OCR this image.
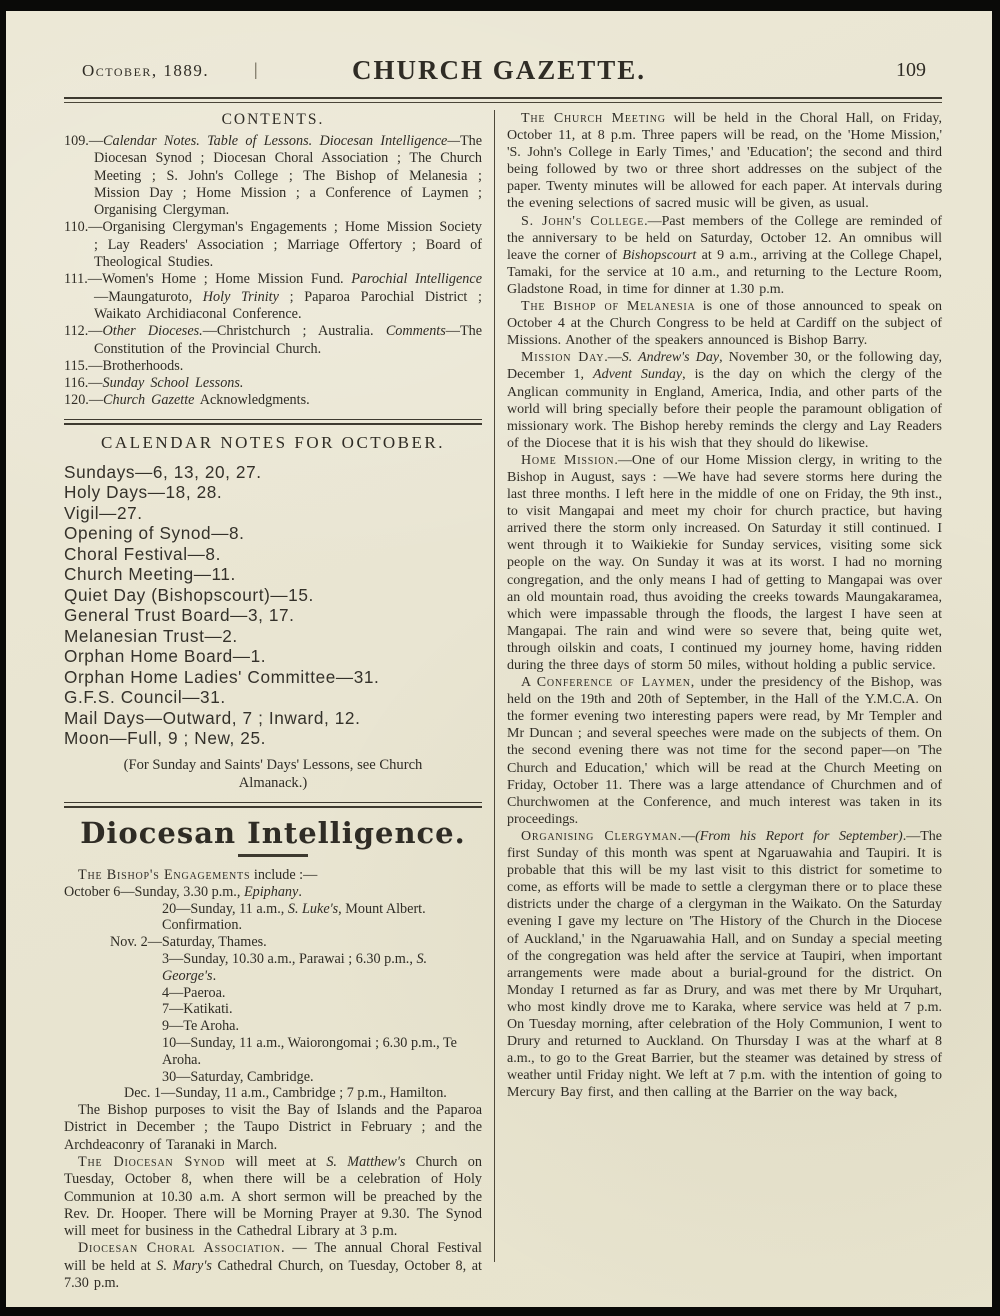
October, 1889. |	CHURCH GAZETTE.	109
CONTENTS.
109.—Calendar Notes. Table of Lessons. Diocesan Intelligence—The Diocesan Synod ; Diocesan Choral Association ; The Church Meeting ; S. John's College ; The Bishop of Melanesia ; Mission Day ; Home Mission ; a Conference of Laymen ; Organising Clergyman.
110.—Organising Clergyman's Engagements ; Home Mission Society ; Lay Readers' Association ; Marriage Offertory ; Board of Theological Studies.
111.—Women's Home ; Home Mission Fund. Parochial Intelligence—Maungaturoto, Holy Trinity ; Paparoa Parochial District ; Waikato Archidiaconal Conference.
112.—Other Dioceses.—Christchurch ; Australia. Comments—The Constitution of the Provincial Church.
115.—Brotherhoods.
116.—Sunday School Lessons.
120.—Church Gazette Acknowledgments.
CALENDAR NOTES FOR OCTOBER.
Sundays—6, 13, 20, 27.
Holy Days—18, 28.
Vigil—27.
Opening of Synod—8.
Choral Festival—8.
Church Meeting—11.
Quiet Day (Bishopscourt)—15.
General Trust Board—3, 17.
Melanesian Trust—2.
Orphan Home Board—1.
Orphan Home Ladies' Committee—31.
G.F.S. Council—31.
Mail Days—Outward, 7 ; Inward, 12.
Moon—Full, 9 ; New, 25.
(For Sunday and Saints' Days' Lessons, see Church Almanack.)
Diocesan Intelligence.
The Bishop's Engagements include :—
October 6—Sunday, 3.30 p.m., Epiphany.
20—Sunday, 11 a.m., S. Luke's, Mount Albert. Confirmation.
Nov. 2—Saturday, Thames.
3—Sunday, 10.30 a.m., Parawai ; 6.30 p.m., S. George's.
4—Paeroa.
7—Katikati.
9—Te Aroha.
10—Sunday, 11 a.m., Waiorongomai ; 6.30 p.m., Te Aroha.
30—Saturday, Cambridge.
Dec. 1—Sunday, 11 a.m., Cambridge ; 7 p.m., Hamilton.

The Bishop purposes to visit the Bay of Islands and the Paparoa District in December ; the Taupo District in February ; and the Archdeaconry of Taranaki in March.

The Diocesan Synod will meet at S. Matthew's Church on Tuesday, October 8, when there will be a celebration of Holy Communion at 10.30 a.m. A short sermon will be preached by the Rev. Dr. Hooper. There will be Morning Prayer at 9.30. The Synod will meet for business in the Cathedral Library at 3 p.m.

Diocesan Choral Association. — The annual Choral Festival will be held at S. Mary's Cathedral Church, on Tuesday, October 8, at 7.30 p.m.

The Church Meeting will be held in the Choral Hall, on Friday, October 11, at 8 p.m. Three papers will be read, on the 'Home Mission,' 'S. John's College in Early Times,' and 'Education'; the second and third being followed by two or three short addresses on the subject of the paper. Twenty minutes will be allowed for each paper. At intervals during the evening selections of sacred music will be given, as usual.

S. John's College.—Past members of the College are reminded of the anniversary to be held on Saturday, October 12. An omnibus will leave the corner of Bishopscourt at 9 a.m., arriving at the College Chapel, Tamaki, for the service at 10 a.m., and returning to the Lecture Room, Gladstone Road, in time for dinner at 1.30 p.m.

The Bishop of Melanesia is one of those announced to speak on October 4 at the Church Congress to be held at Cardiff on the subject of Missions. Another of the speakers announced is Bishop Barry.

Mission Day.—S. Andrew's Day, November 30, or the following day, December 1, Advent Sunday, is the day on which the clergy of the Anglican community in England, America, India, and other parts of the world will bring specially before their people the paramount obligation of missionary work. The Bishop hereby reminds the clergy and Lay Readers of the Diocese that it is his wish that they should do likewise.

Home Mission.—One of our Home Mission clergy, in writing to the Bishop in August, says : —We have had severe storms here during the last three months. I left here in the middle of one on Friday, the 9th inst., to visit Mangapai and meet my choir for church practice, but having arrived there the storm only increased. On Saturday it still continued. I went through it to Waikiekie for Sunday services, visiting some sick people on the way. On Sunday it was at its worst. I had no morning congregation, and the only means I had of getting to Mangapai was over an old mountain road, thus avoiding the creeks towards Maungakaramea, which were impassable through the floods, the largest I have seen at Mangapai. The rain and wind were so severe that, being quite wet, through oilskin and coats, I continued my journey home, having ridden during the three days of storm 50 miles, without holding a public service.

A Conference of Laymen, under the presidency of the Bishop, was held on the 19th and 20th of September, in the Hall of the Y.M.C.A. On the former evening two interesting papers were read, by Mr Templer and Mr Duncan ; and several speeches were made on the subjects of them. On the second evening there was not time for the second paper—on 'The Church and Education,' which will be read at the Church Meeting on Friday, October 11. There was a large attendance of Churchmen and of Churchwomen at the Conference, and much interest was taken in its proceedings.

Organising Clergyman.—(From his Report for September).—The first Sunday of this month was spent at Ngaruawahia and Taupiri. It is probable that this will be my last visit to this district for sometime to come, as efforts will be made to settle a clergyman there or to place these districts under the charge of a clergyman in the Waikato. On the Saturday evening I gave my lecture on 'The History of the Church in the Diocese of Auckland,' in the Ngaruawahia Hall, and on Sunday a special meeting of the congregation was held after the service at Taupiri, when important arrangements were made about a burial-ground for the district. On Monday I returned as far as Drury, and was met there by Mr Urquhart, who most kindly drove me to Karaka, where service was held at 7 p.m. On Tuesday morning, after celebration of the Holy Communion, I went to Drury and returned to Auckland. On Thursday I was at the wharf at 8 a.m., to go to the Great Barrier, but the steamer was detained by stress of weather until Friday night. We left at 7 p.m. with the intention of going to Mercury Bay first, and then calling at the Barrier on the way back,
